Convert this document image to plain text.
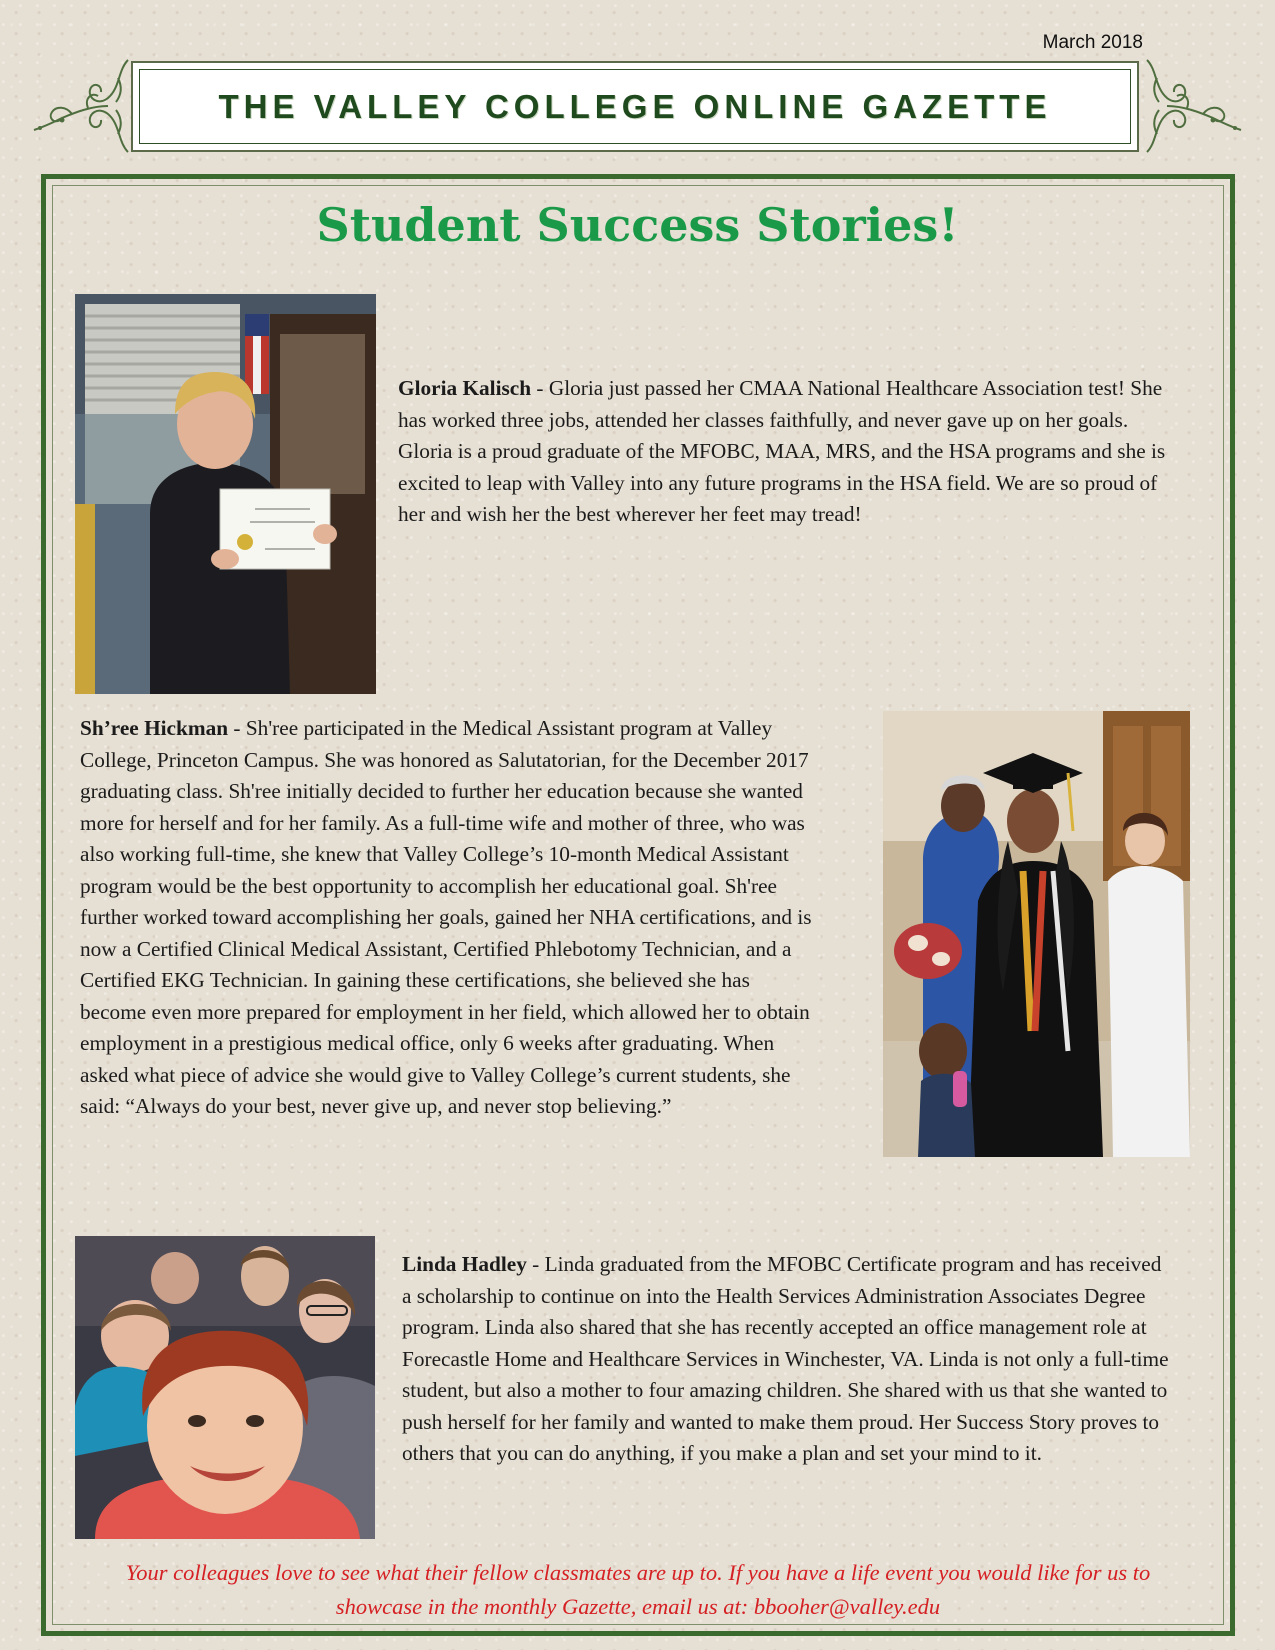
March 2018
THE VALLEY COLLEGE ONLINE GAZETTE
Student Success Stories!

Gloria Kalisch - Gloria just passed her CMAA National Healthcare Association test! She has worked three jobs, attended her classes faithfully, and never gave up on her goals. Gloria is a proud graduate of the MFOBC, MAA, MRS, and the HSA programs and she is excited to leap with Valley into any future programs in the HSA field. We are so proud of her and wish her the best wherever her feet may tread!

Sh’ree Hickman - Sh'ree participated in the Medical Assistant program at Valley College, Princeton Campus. She was honored as Salutatorian, for the December 2017 graduating class. Sh'ree initially decided to further her education because she wanted more for herself and for her family. As a full-time wife and mother of three, who was also working full-time, she knew that Valley College’s 10-month Medical Assistant program would be the best opportunity to accomplish her educational goal. Sh'ree further worked toward accomplishing her goals, gained her NHA certifications, and is now a Certified Clinical Medical Assistant, Certified Phlebotomy Technician, and a Certified EKG Technician. In gaining these certifications, she believed she has become even more prepared for employment in her field, which allowed her to obtain employment in a prestigious medical office, only 6 weeks after graduating. When asked what piece of advice she would give to Valley College’s current students, she said: “Always do your best, never give up, and never stop believing.”

Linda Hadley - Linda graduated from the MFOBC Certificate program and has received a scholarship to continue on into the Health Services Administration Associates Degree program. Linda also shared that she has recently accepted an office management role at Forecastle Home and Healthcare Services in Winchester, VA. Linda is not only a full-time student, but also a mother to four amazing children. She shared with us that she wanted to push herself for her family and wanted to make them proud. Her Success Story proves to others that you can do anything, if you make a plan and set your mind to it.

Your colleagues love to see what their fellow classmates are up to. If you have a life event you would like for us to showcase in the monthly Gazette, email us at: bbooher@valley.edu
